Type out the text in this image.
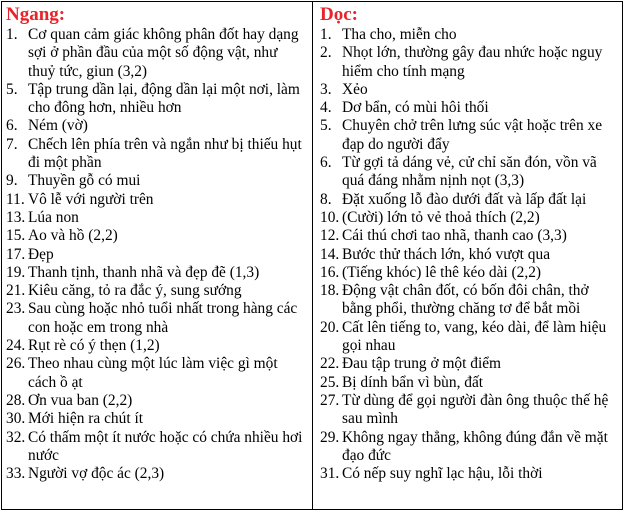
Ngang:
1. Cơ quan cảm giác không phân đốt hay dạng sợi ở phần đầu của một số động vật, như thuỷ tức, giun (3,2)
5. Tập trung dần lại, động dần lại một nơi, làm cho đông hơn, nhiều hơn
6. Ném (vờ)
7. Chếch lên phía trên và ngắn như bị thiếu hụt đi một phần
9. Thuyền gỗ có mui
11. Vô lễ với người trên
13. Lúa non
15. Ao và hồ (2,2)
17. Đẹp
19. Thanh tịnh, thanh nhã và đẹp đẽ (1,3)
21. Kiêu căng, tỏ ra đắc ý, sung sướng
23. Sau cùng hoặc nhỏ tuổi nhất trong hàng các con hoặc em trong nhà
24. Rụt rè có ý thẹn (1,2)
26. Theo nhau cùng một lúc làm việc gì một cách ồ ạt
28. Ơn vua ban (2,2)
30. Mới hiện ra chút ít
32. Có thấm một ít nước hoặc có chứa nhiều hơi nước
33. Người vợ độc ác (2,3)
Dọc:
1. Tha cho, miễn cho
2. Nhọt lớn, thường gây đau nhức hoặc nguy hiểm cho tính mạng
3. Xẻo
4. Dơ bẩn, có mùi hôi thối
5. Chuyên chở trên lưng súc vật hoặc trên xe đạp do người đẩy
6. Từ gợi tả dáng vẻ, cử chỉ săn đón, vồn vã quá đáng nhằm nịnh nọt (3,3)
8. Đặt xuống lỗ đào dưới đất và lấp đất lại
10. (Cười) lớn tỏ vẻ thoả thích (2,2)
12. Cái thú chơi tao nhã, thanh cao (3,3)
14. Bước thử thách lớn, khó vượt qua
16. (Tiếng khóc) lê thê kéo dài (2,2)
18. Động vật chân đốt, có bốn đôi chân, thở bằng phổi, thường chăng tơ để bắt mồi
20. Cất lên tiếng to, vang, kéo dài, để làm hiệu gọi nhau
22. Đau tập trung ở một điểm
25. Bị dính bẩn vì bùn, đất
27. Từ dùng để gọi người đàn ông thuộc thế hệ sau mình
29. Không ngay thẳng, không đúng đắn về mặt đạo đức
31. Có nếp suy nghĩ lạc hậu, lỗi thời
